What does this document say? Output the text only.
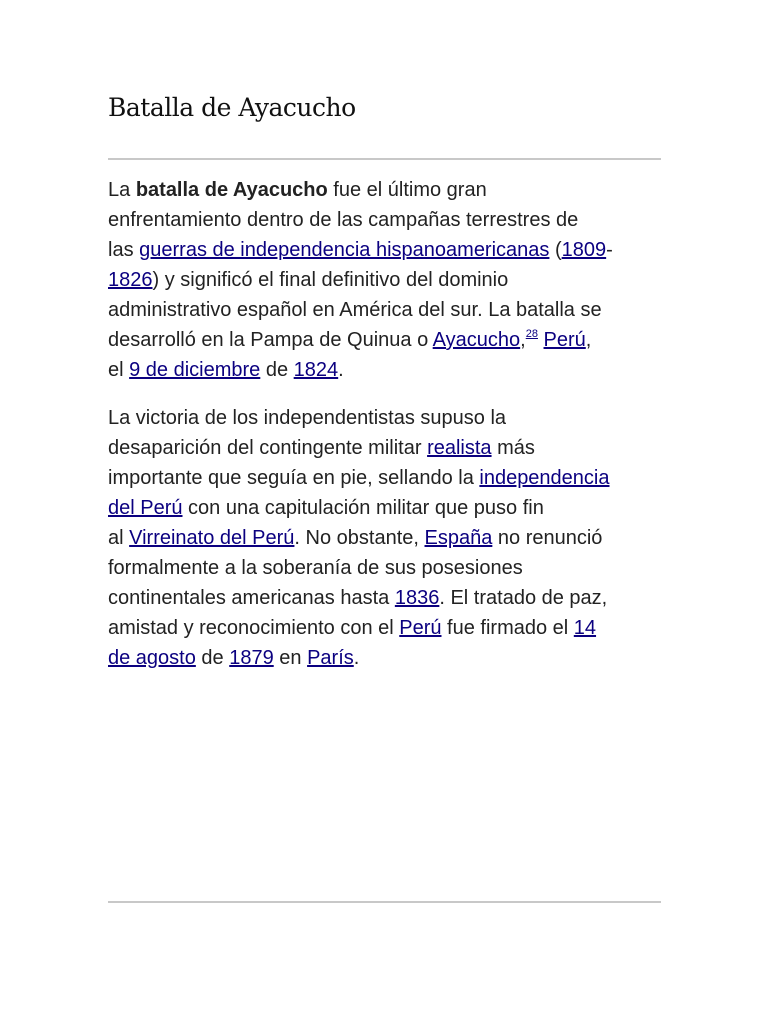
Batalla de Ayacucho

La batalla de Ayacucho fue el último gran
enfrentamiento dentro de las campañas terrestres de
las guerras de independencia hispanoamericanas (1809-
1826) y significó el final definitivo del dominio
administrativo español en América del sur. La batalla se
desarrolló en la Pampa de Quinua o Ayacucho,$^{28}$ Perú,
el 9 de diciembre de 1824.

La victoria de los independentistas supuso la
desaparición del contingente militar realista más
importante que seguía en pie, sellando la independencia
del Perú con una capitulación militar que puso fin
al Virreinato del Perú. No obstante, España no renunció
formalmente a la soberanía de sus posesiones
continentales americanas hasta 1836. El tratado de paz,
amistad y reconocimiento con el Perú fue firmado el 14
de agosto de 1879 en París.
